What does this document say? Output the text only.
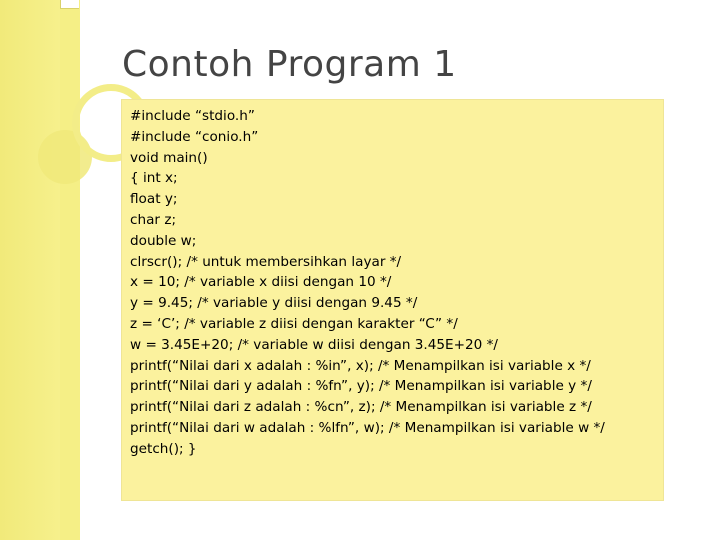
Contoh Program 1
#include “stdio.h”
#include “conio.h”
void main()
{ int x;
float y;
char z;
double w;
clrscr(); /* untuk membersihkan layar */
x = 10; /* variable x diisi dengan 10 */
y = 9.45; /* variable y diisi dengan 9.45 */
z = ‘C’; /* variable z diisi dengan karakter “C” */
w = 3.45E+20; /* variable w diisi dengan 3.45E+20 */
printf(“Nilai dari x adalah : %in”, x); /* Menampilkan isi variable x */
printf(“Nilai dari y adalah : %fn”, y); /* Menampilkan isi variable y */
printf(“Nilai dari z adalah : %cn”, z); /* Menampilkan isi variable z */
printf(“Nilai dari w adalah : %lfn”, w); /* Menampilkan isi variable w */
getch(); }
